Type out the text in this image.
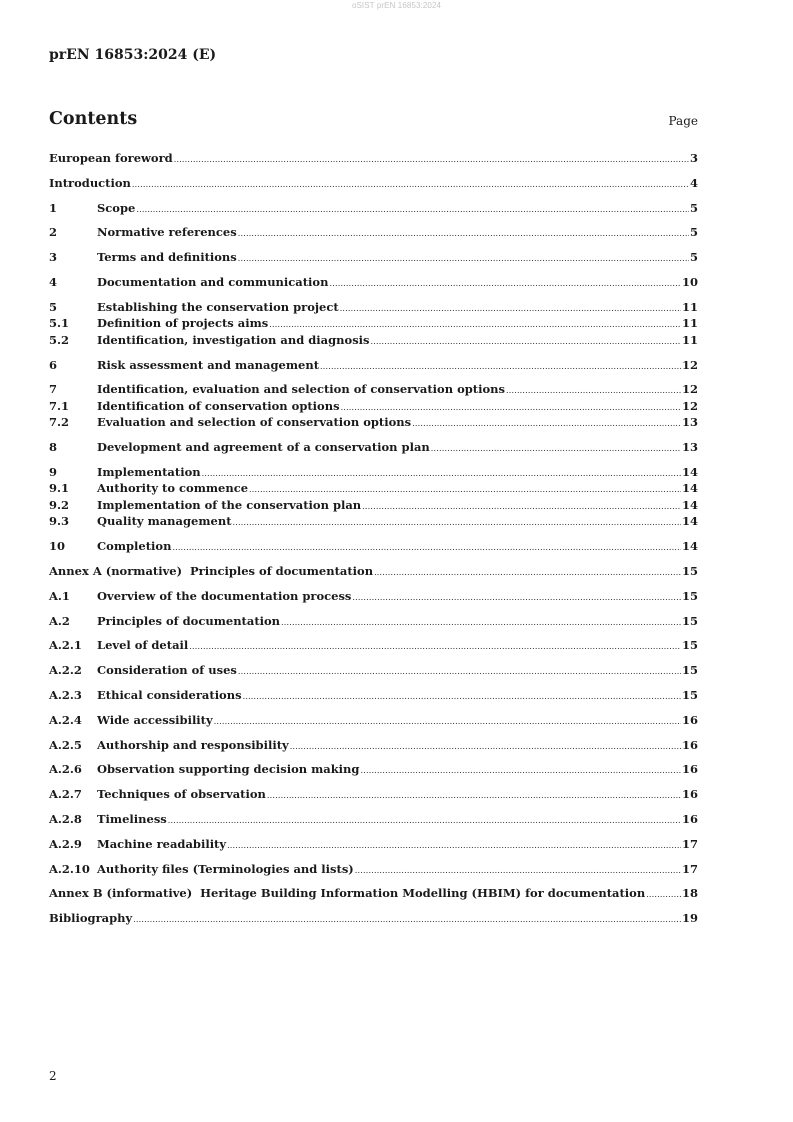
oSIST prEN 16853:2024
prEN 16853:2024 (E)
Contents	Page
European foreword .....	3
Introduction .....	4
1	Scope .....	5
2	Normative references .....	5
3	Terms and definitions .....	5
4	Documentation and communication .....	10
5	Establishing the conservation project .....	11
5.1	Definition of projects aims .....	11
5.2	Identification, investigation and diagnosis .....	11
6	Risk assessment and management .....	12
7	Identification, evaluation and selection of conservation options .....	12
7.1	Identification of conservation options .....	12
7.2	Evaluation and selection of conservation options .....	13
8	Development and agreement of a conservation plan .....	13
9	Implementation .....	14
9.1	Authority to commence .....	14
9.2	Implementation of the conservation plan .....	14
9.3	Quality management .....	14
10	Completion .....	14
Annex A (normative)  Principles of documentation .....	15
A.1	Overview of the documentation process .....	15
A.2	Principles of documentation .....	15
A.2.1	Level of detail .....	15
A.2.2	Consideration of uses .....	15
A.2.3	Ethical considerations .....	15
A.2.4	Wide accessibility .....	16
A.2.5	Authorship and responsibility .....	16
A.2.6	Observation supporting decision making .....	16
A.2.7	Techniques of observation .....	16
A.2.8	Timeliness .....	16
A.2.9	Machine readability .....	17
A.2.10 Authority files (Terminologies and lists) .....	17
Annex B (informative)  Heritage Building Information Modelling (HBIM) for documentation .....	18
Bibliography .....	19
2
